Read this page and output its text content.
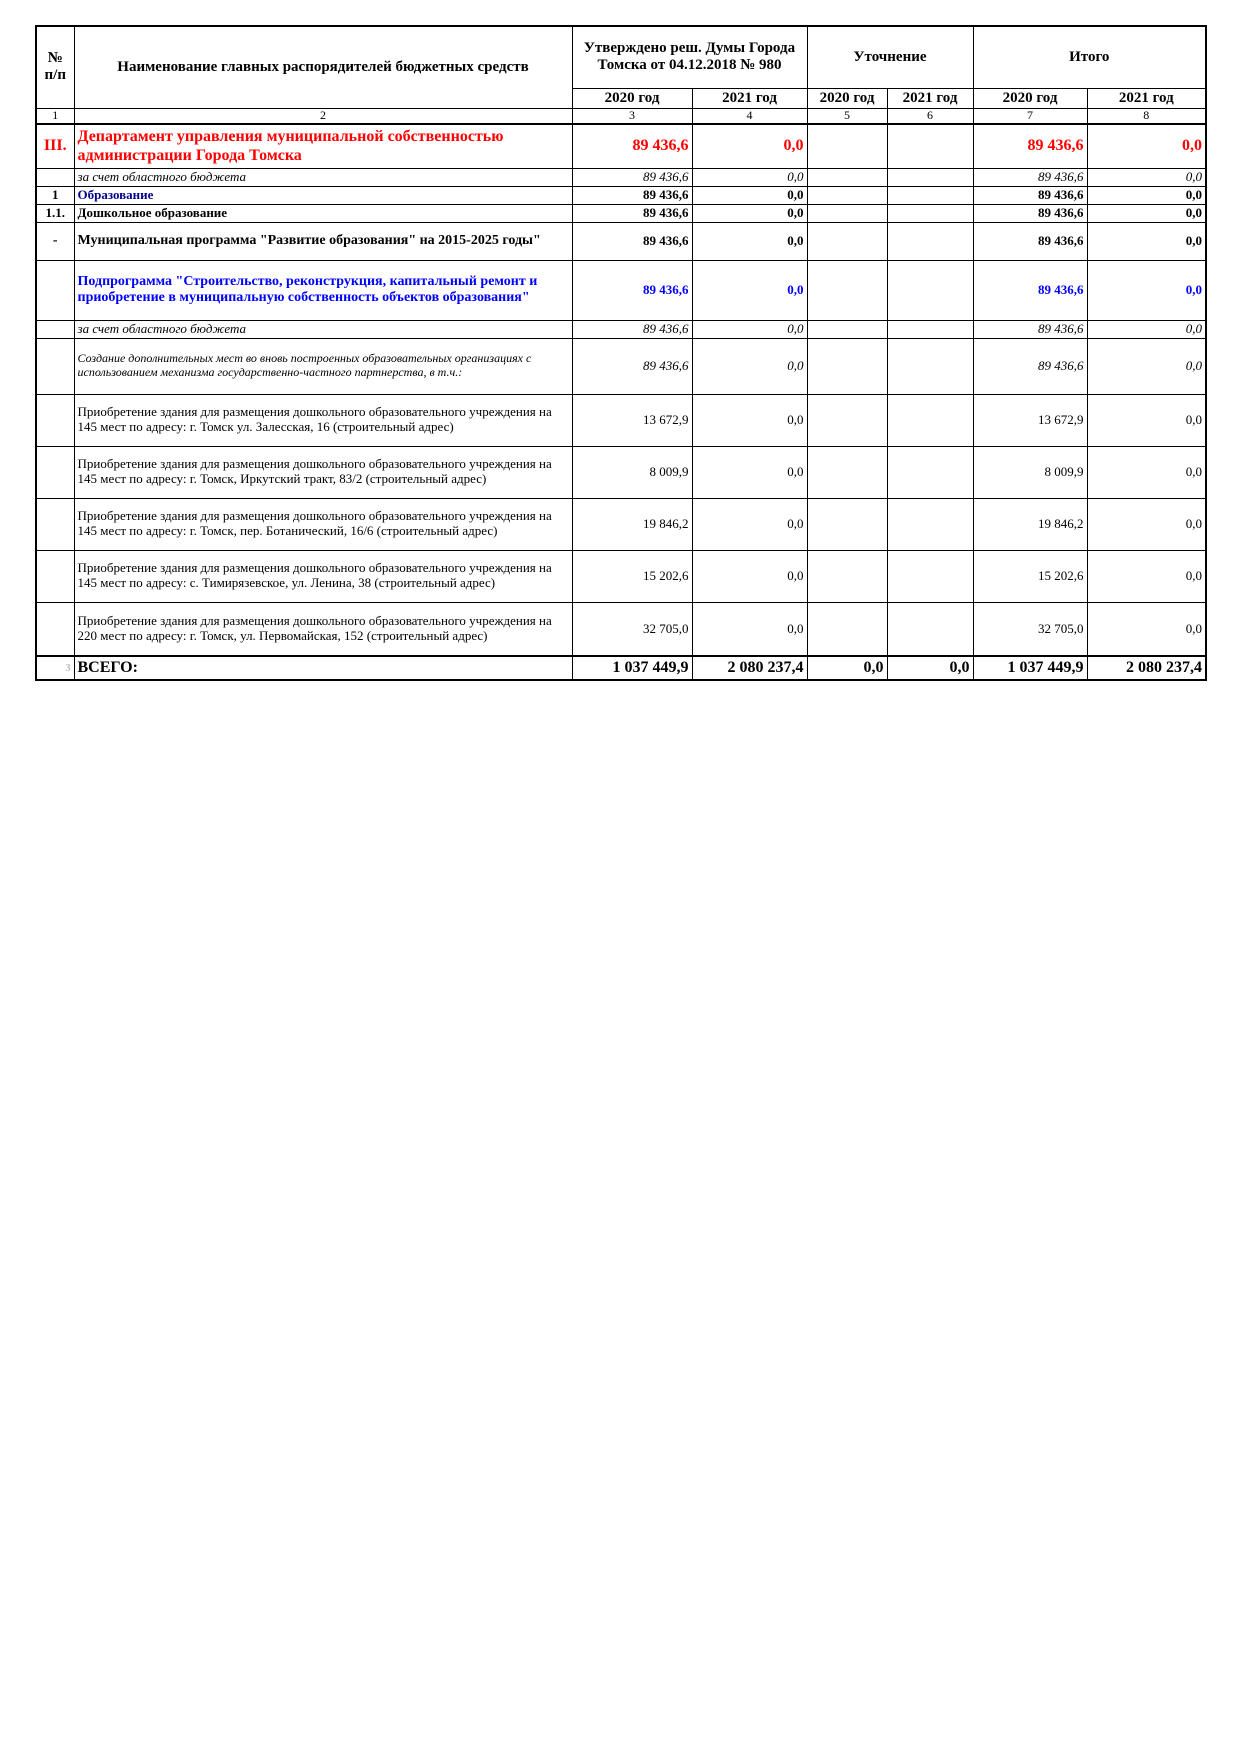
№ п/п	Наименование главных распорядителей бюджетных средств	Утверждено реш. Думы Города Томска от 04.12.2018 № 980		Уточнение		Итого	
		2020 год	2021 год	2020 год	2021 год	2020 год	2021 год
1	2	3	4	5	6	7	8
III.	Департамент управления муниципальной собственностью администрации Города Томска	89 436,6	0,0			89 436,6	0,0
	за счет областного бюджета	89 436,6	0,0			89 436,6	0,0
1	Образование	89 436,6	0,0			89 436,6	0,0
1.1.	Дошкольное образование	89 436,6	0,0			89 436,6	0,0
-	Муниципальная программа "Развитие образования" на 2015-2025 годы"	89 436,6	0,0			89 436,6	0,0
	Подпрограмма "Строительство, реконструкция, капитальный ремонт и приобретение в муниципальную собственность объектов образования"	89 436,6	0,0			89 436,6	0,0
	за счет областного бюджета	89 436,6	0,0			89 436,6	0,0
	Создание дополнительных мест во вновь построенных образовательных организациях с использованием механизма государственно-частного партнерства, в т.ч.:	89 436,6	0,0			89 436,6	0,0
	Приобретение здания для размещения дошкольного образовательного учреждения на 145 мест по адресу: г. Томск ул. Залесская, 16 (строительный адрес)	13 672,9	0,0			13 672,9	0,0
	Приобретение здания для размещения дошкольного образовательного учреждения на 145 мест по адресу: г. Томск, Иркутский тракт, 83/2 (строительный адрес)	8 009,9	0,0			8 009,9	0,0
	Приобретение здания для размещения дошкольного образовательного учреждения на 145 мест по адресу: г. Томск, пер. Ботанический, 16/6 (строительный адрес)	19 846,2	0,0			19 846,2	0,0
	Приобретение здания для размещения дошкольного образовательного учреждения на 145 мест по адресу: с. Тимирязевское, ул. Ленина, 38 (строительный адрес)	15 202,6	0,0			15 202,6	0,0
	Приобретение здания для размещения дошкольного образовательного учреждения на 220 мест по адресу: г. Томск, ул. Первомайская, 152 (строительный адрес)	32 705,0	0,0			32 705,0	0,0
3	ВСЕГО:	1 037 449,9	2 080 237,4	0,0	0,0	1 037 449,9	2 080 237,4
